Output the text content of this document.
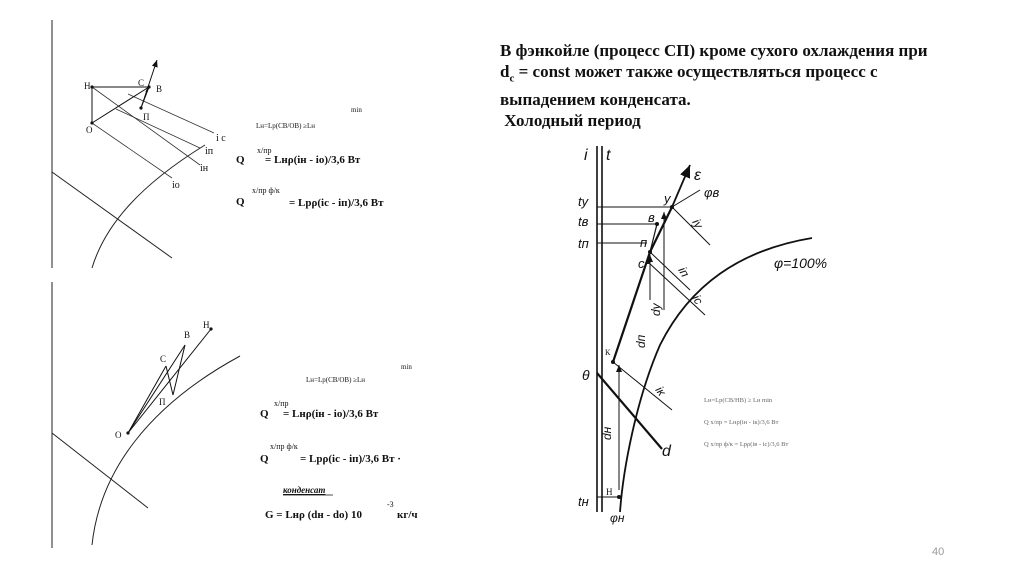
В фэнкойле (процесс СП) кроме сухого охлаждения при
$d_c$ = const может также осуществляться процесс с
выпадением конденсата.
Холодный период
Н	С
В
П
О
i c
iп
iн
io
Lн=Lp(CB/OB) ≥Lн
min
Q
х/пр
= Lнρ(iн - iо)/3,6 Вт
Q
х/пр ф/к
= Lpρ(ic - iп)/3,6 Вт
Н
В
С
П
О
Lн=Lp(CB/OB) ≥Lн
min
Q
х/пр
= Lнρ(iн - iо)/3,6 Вт
Q
х/пр ф/к
= Lpρ(ic - iп)/3,6 Вт ·
конденсат
G = Lнρ (dн - dо) 10
-3
кг/ч
i t
φ=100%
θ
d
tу
tв
tп
tн
ε
φв
iу
iп
iс
iк
dу
dп
dн
у
в
п
с
К
Н
φн
Lн=Lр(CB/HB) ≥ Lн min
Q х/пр = Lнρ(iн - iк)/3,6 Вт
Q х/пр ф/к = Lрρ(iв - iс)/3,6 Вт
40
